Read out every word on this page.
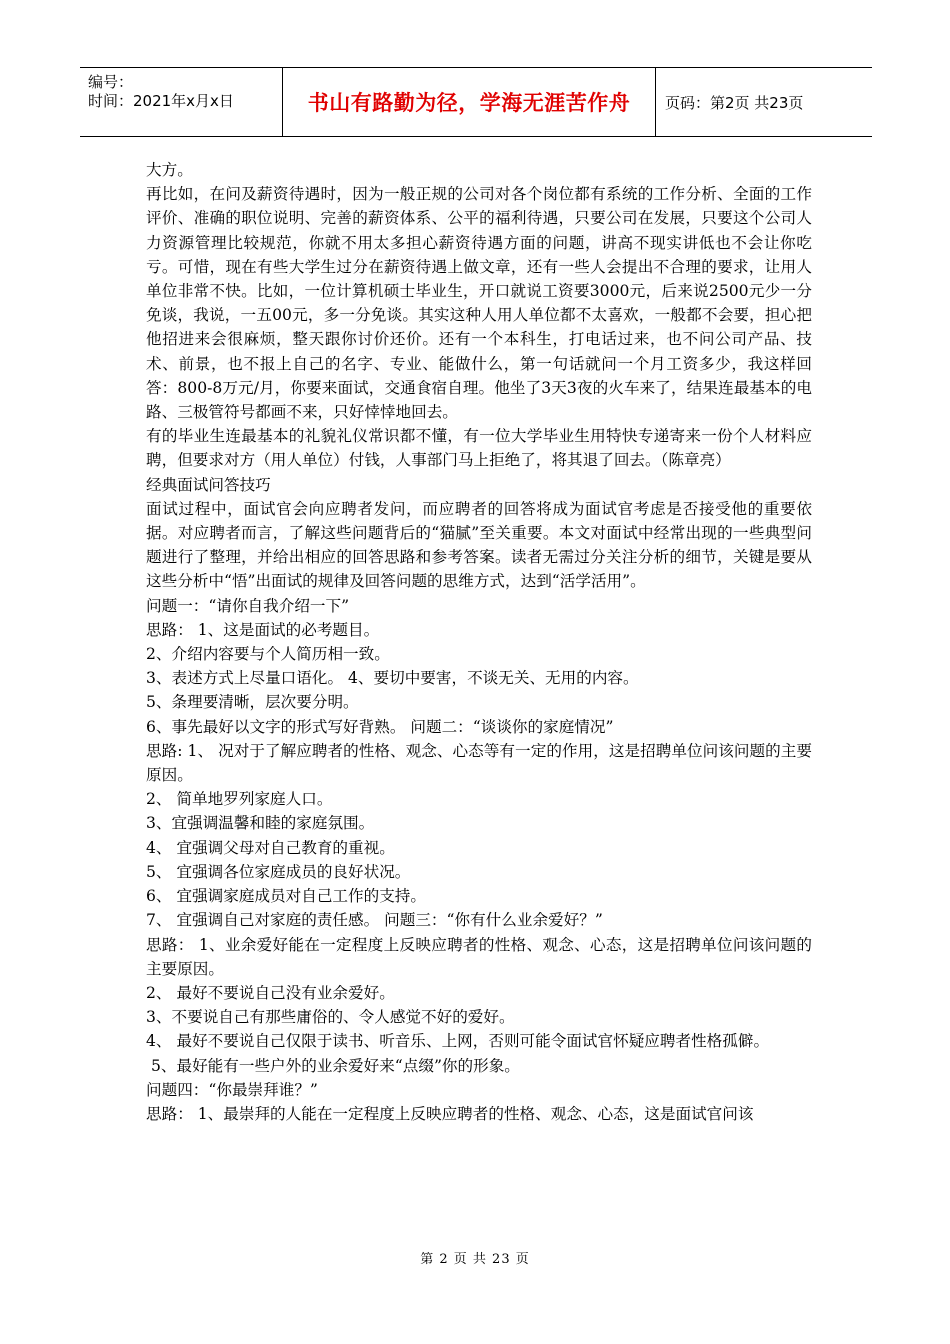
编号：
时间：2021年x月x日	书山有路勤为径，学海无涯苦作舟	页码：第2页 共23页

大方。

再比如，在问及薪资待遇时，因为一般正规的公司对各个岗位都有系统的工作分析、全面的工作评价、准确的职位说明、完善的薪资体系、公平的福利待遇，只要公司在发展，只要这个公司人力资源管理比较规范，你就不用太多担心薪资待遇方面的问题，讲高不现实讲低也不会让你吃亏。可惜，现在有些大学生过分在薪资待遇上做文章，还有一些人会提出不合理的要求，让用人单位非常不快。比如，一位计算机硕士毕业生，开口就说工资要3000元，后来说2500元少一分免谈，我说，一五00元，多一分免谈。其实这种人用人单位都不太喜欢，一般都不会要，担心把他招进来会很麻烦，整天跟你讨价还价。还有一个本科生，打电话过来，也不问公司产品、技术、前景，也不报上自己的名字、专业、能做什么，第一句话就问一个月工资多少，我这样回答：800-8万元/月，你要来面试，交通食宿自理。他坐了3天3夜的火车来了，结果连最基本的电路、三极管符号都画不来，只好悻悻地回去。

有的毕业生连最基本的礼貌礼仪常识都不懂，有一位大学毕业生用特快专递寄来一份个人材料应聘，但要求对方（用人单位）付钱，人事部门马上拒绝了，将其退了回去。（陈章亮）

经典面试问答技巧

面试过程中，面试官会向应聘者发问，而应聘者的回答将成为面试官考虑是否接受他的重要依据。对应聘者而言，了解这些问题背后的“猫腻”至关重要。本文对面试中经常出现的一些典型问题进行了整理，并给出相应的回答思路和参考答案。读者无需过分关注分析的细节，关键是要从这些分析中“悟”出面试的规律及回答问题的思维方式，达到“活学活用”。

问题一：“请你自我介绍一下”

思路： 1、这是面试的必考题目。

2、介绍内容要与个人简历相一致。

3、表述方式上尽量口语化。 4、要切中要害，不谈无关、无用的内容。

5、条理要清晰，层次要分明。

6、事先最好以文字的形式写好背熟。 问题二：“谈谈你的家庭情况”

思路: 1、 况对于了解应聘者的性格、观念、心态等有一定的作用，这是招聘单位问该问题的主要原因。

2、 简单地罗列家庭人口。

3、宜强调温馨和睦的家庭氛围。

4、 宜强调父母对自己教育的重视。

5、 宜强调各位家庭成员的良好状况。

6、 宜强调家庭成员对自己工作的支持。

7、 宜强调自己对家庭的责任感。 问题三：“你有什么业余爱好？”

思路： 1、业余爱好能在一定程度上反映应聘者的性格、观念、心态，这是招聘单位问该问题的主要原因。

2、 最好不要说自己没有业余爱好。

3、不要说自己有那些庸俗的、令人感觉不好的爱好。

4、 最好不要说自己仅限于读书、听音乐、上网，否则可能令面试官怀疑应聘者性格孤僻。

5、最好能有一些户外的业余爱好来“点缀”你的形象。

问题四：“你最崇拜谁？”

思路： 1、最崇拜的人能在一定程度上反映应聘者的性格、观念、心态，这是面试官问该

第 2 页 共 23 页
